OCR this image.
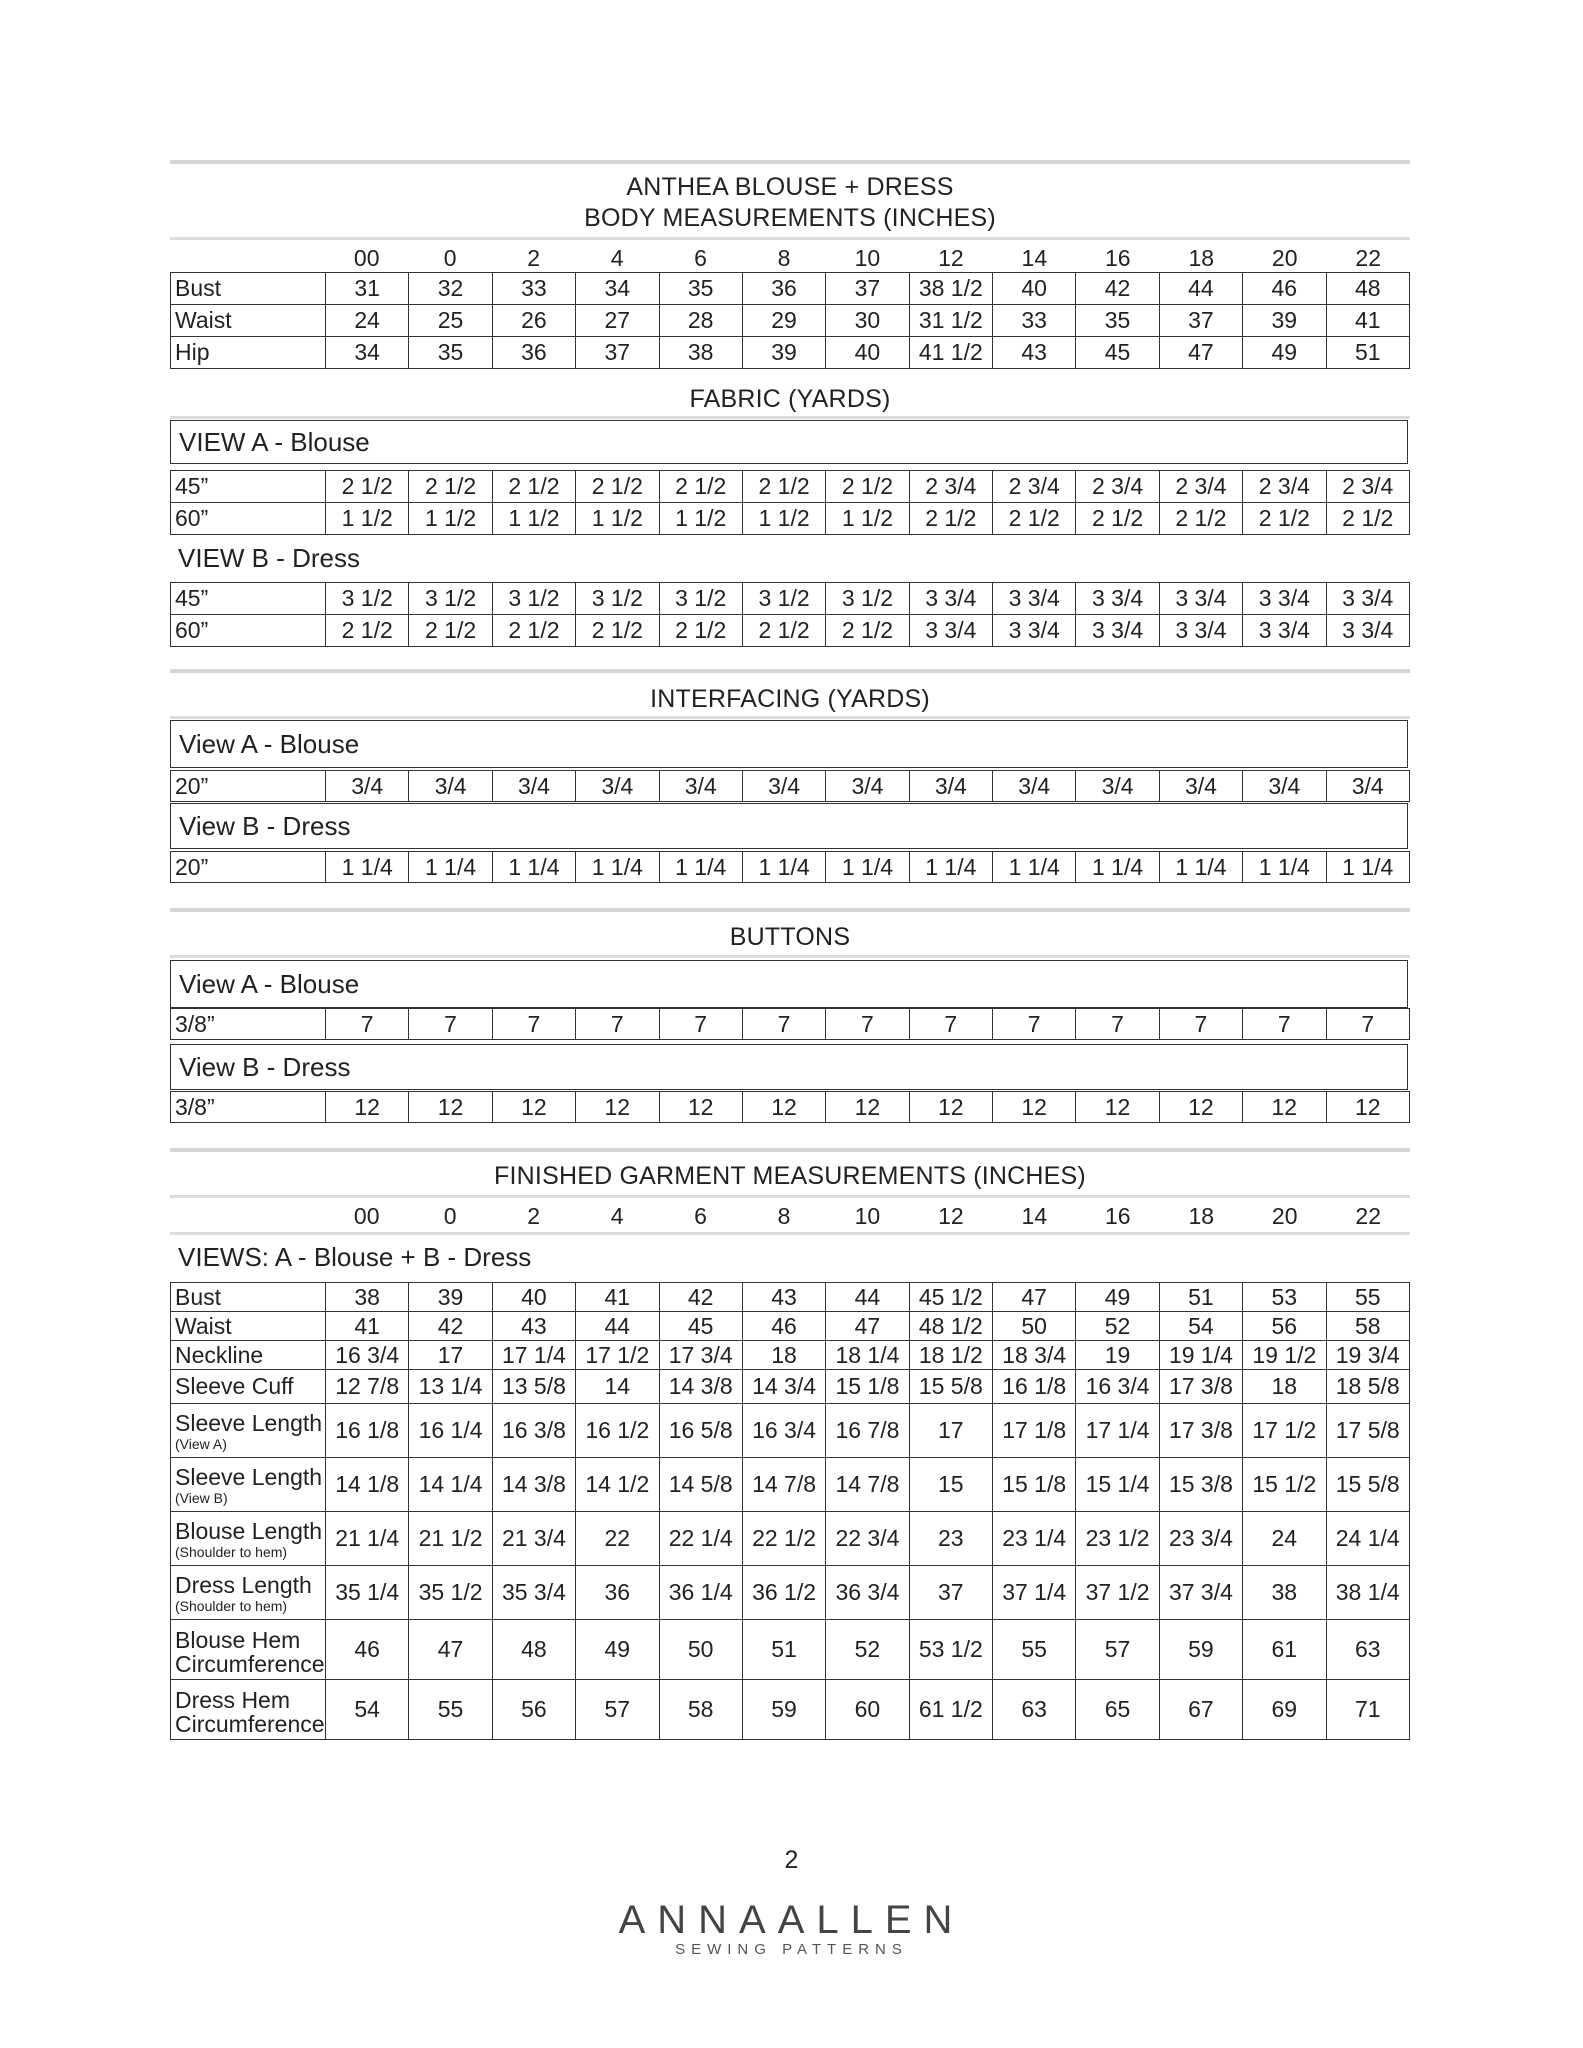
ANTHEA BLOUSE + DRESS
BODY MEASUREMENTS (INCHES)
	00	0	2	4	6	8	10	12	14	16	18	20	22
Bust	31	32	33	34	35	36	37	38 1/2	40	42	44	46	48
Waist	24	25	26	27	28	29	30	31 1/2	33	35	37	39	41
Hip	34	35	36	37	38	39	40	41 1/2	43	45	47	49	51
FABRIC (YARDS)
VIEW A - Blouse
45”	2 1/2	2 1/2	2 1/2	2 1/2	2 1/2	2 1/2	2 1/2	2 3/4	2 3/4	2 3/4	2 3/4	2 3/4	2 3/4
60”	1 1/2	1 1/2	1 1/2	1 1/2	1 1/2	1 1/2	1 1/2	2 1/2	2 1/2	2 1/2	2 1/2	2 1/2	2 1/2
VIEW B - Dress
45”	3 1/2	3 1/2	3 1/2	3 1/2	3 1/2	3 1/2	3 1/2	3 3/4	3 3/4	3 3/4	3 3/4	3 3/4	3 3/4
60”	2 1/2	2 1/2	2 1/2	2 1/2	2 1/2	2 1/2	2 1/2	3 3/4	3 3/4	3 3/4	3 3/4	3 3/4	3 3/4
INTERFACING (YARDS)
View A - Blouse
20”	3/4	3/4	3/4	3/4	3/4	3/4	3/4	3/4	3/4	3/4	3/4	3/4	3/4
View B - Dress
20”	1 1/4	1 1/4	1 1/4	1 1/4	1 1/4	1 1/4	1 1/4	1 1/4	1 1/4	1 1/4	1 1/4	1 1/4	1 1/4
BUTTONS
View A - Blouse
3/8”	7	7	7	7	7	7	7	7	7	7	7	7	7
View B - Dress
3/8”	12	12	12	12	12	12	12	12	12	12	12	12	12
FINISHED GARMENT MEASUREMENTS (INCHES)
	00	0	2	4	6	8	10	12	14	16	18	20	22
VIEWS: A - Blouse + B - Dress
Bust	38	39	40	41	42	43	44	45 1/2	47	49	51	53	55
Waist	41	42	43	44	45	46	47	48 1/2	50	52	54	56	58
Neckline	16 3/4	17	17 1/4	17 1/2	17 3/4	18	18 1/4	18 1/2	18 3/4	19	19 1/4	19 1/2	19 3/4
Sleeve Cuff	12 7/8	13 1/4	13 5/8	14	14 3/8	14 3/4	15 1/8	15 5/8	16 1/8	16 3/4	17 3/8	18	18 5/8
Sleeve Length
(View A)	16 1/8	16 1/4	16 3/8	16 1/2	16 5/8	16 3/4	16 7/8	17	17 1/8	17 1/4	17 3/8	17 1/2	17 5/8
Sleeve Length
(View B)	14 1/8	14 1/4	14 3/8	14 1/2	14 5/8	14 7/8	14 7/8	15	15 1/8	15 1/4	15 3/8	15 1/2	15 5/8
Blouse Length
(Shoulder to hem)	21 1/4	21 1/2	21 3/4	22	22 1/4	22 1/2	22 3/4	23	23 1/4	23 1/2	23 3/4	24	24 1/4
Dress Length
(Shoulder to hem)	35 1/4	35 1/2	35 3/4	36	36 1/4	36 1/2	36 3/4	37	37 1/4	37 1/2	37 3/4	38	38 1/4
Blouse Hem Circumference	46	47	48	49	50	51	52	53 1/2	55	57	59	61	63
Dress Hem Circumference	54	55	56	57	58	59	60	61 1/2	63	65	67	69	71
2
ANNAALLEN
SEWING PATTERNS
